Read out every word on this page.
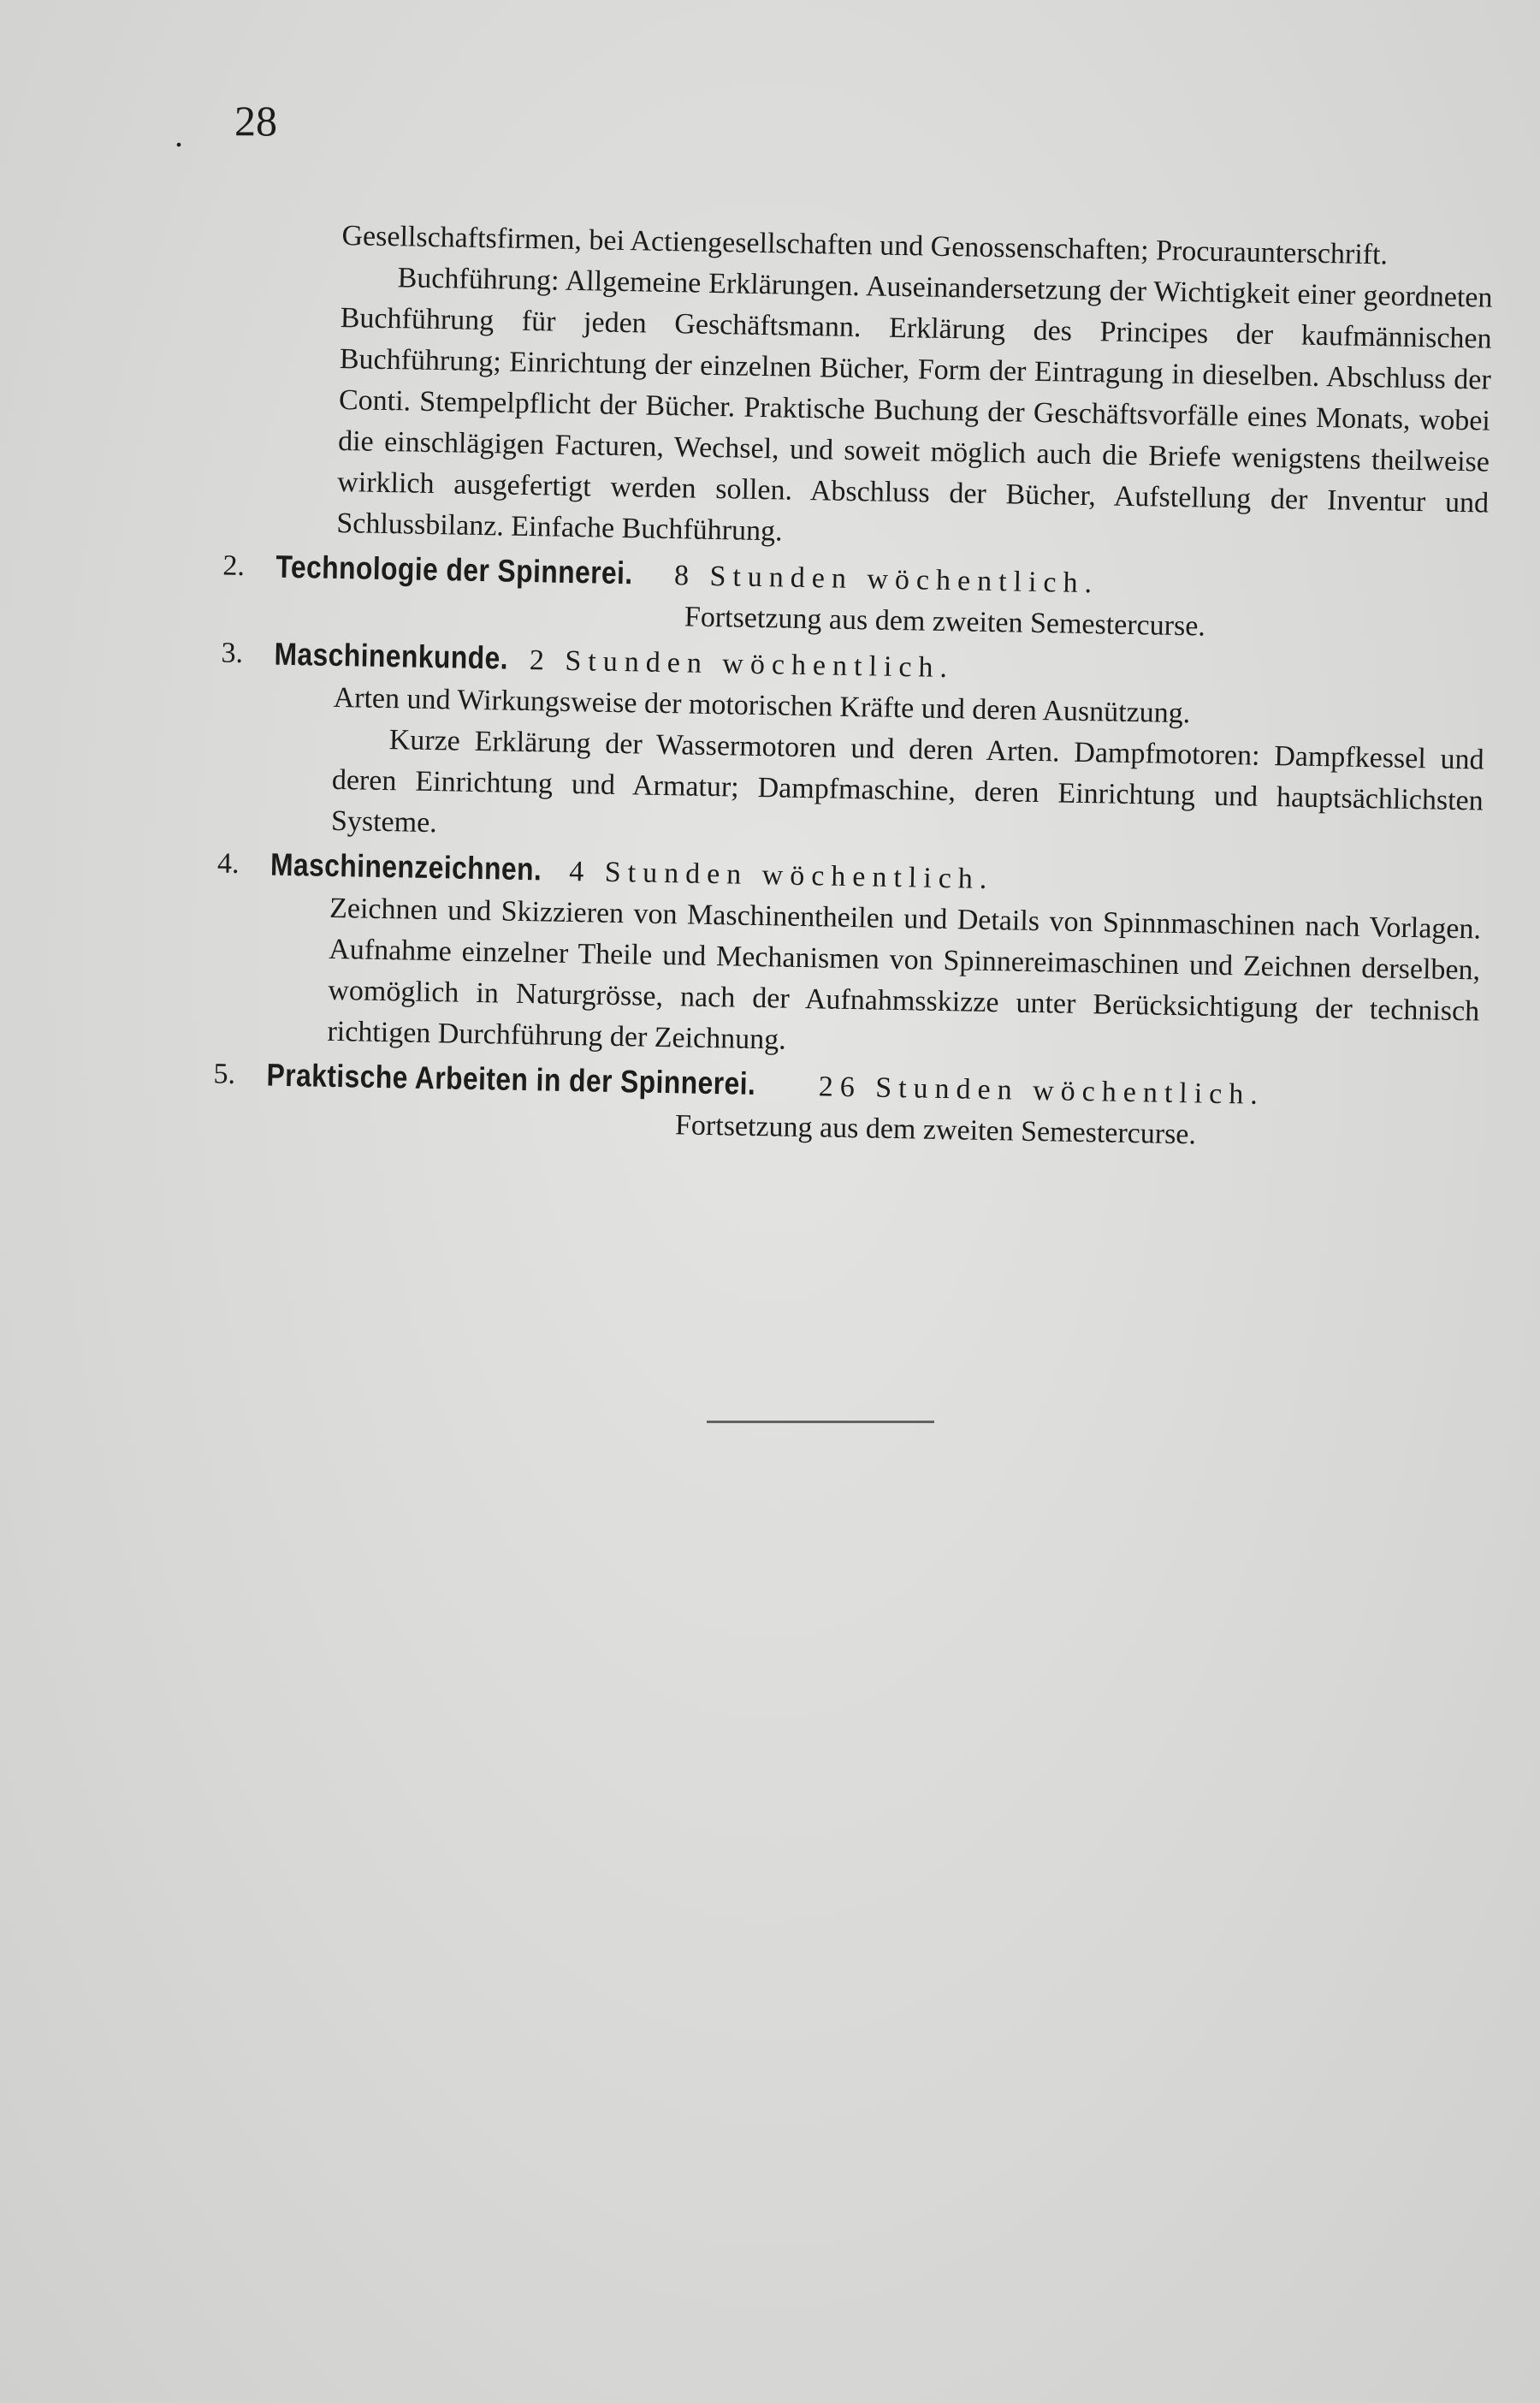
. 28

Gesellschaftsfirmen, bei Actiengesellschaften und Genossenschaften; Procuraunterschrift.

Buchführung: Allgemeine Erklärungen. Auseinandersetzung der Wichtigkeit einer geordneten Buchführung für jeden Geschäftsmann. Erklärung des Principes der kaufmännischen Buchführung; Einrichtung der einzelnen Bücher, Form der Eintragung in dieselben. Abschluss der Conti. Stempelpflicht der Bücher. Praktische Buchung der Geschäftsvorfälle eines Monats, wobei die einschlägigen Facturen, Wechsel, und soweit möglich auch die Briefe wenigstens theilweise wirklich ausgefertigt werden sollen. Abschluss der Bücher, Aufstellung der Inventur und Schlussbilanz. Einfache Buchführung.

2. Technologie der Spinnerei. 8 Stunden wöchentlich.

Fortsetzung aus dem zweiten Semestercurse.

3. Maschinenkunde. 2 Stunden wöchentlich.

Arten und Wirkungsweise der motorischen Kräfte und deren Ausnützung.

Kurze Erklärung der Wassermotoren und deren Arten. Dampfmotoren: Dampfkessel und deren Einrichtung und Armatur; Dampfmaschine, deren Einrichtung und hauptsächlichsten Systeme.

4. Maschinenzeichnen. 4 Stunden wöchentlich.

Zeichnen und Skizzieren von Maschinentheilen und Details von Spinnmaschinen nach Vorlagen. Aufnahme einzelner Theile und Mechanismen von Spinnereimaschinen und Zeichnen derselben, womöglich in Naturgrösse, nach der Aufnahmsskizze unter Berücksichtigung der technisch richtigen Durchführung der Zeichnung.

5. Praktische Arbeiten in der Spinnerei. 26 Stunden wöchentlich.

Fortsetzung aus dem zweiten Semestercurse.
